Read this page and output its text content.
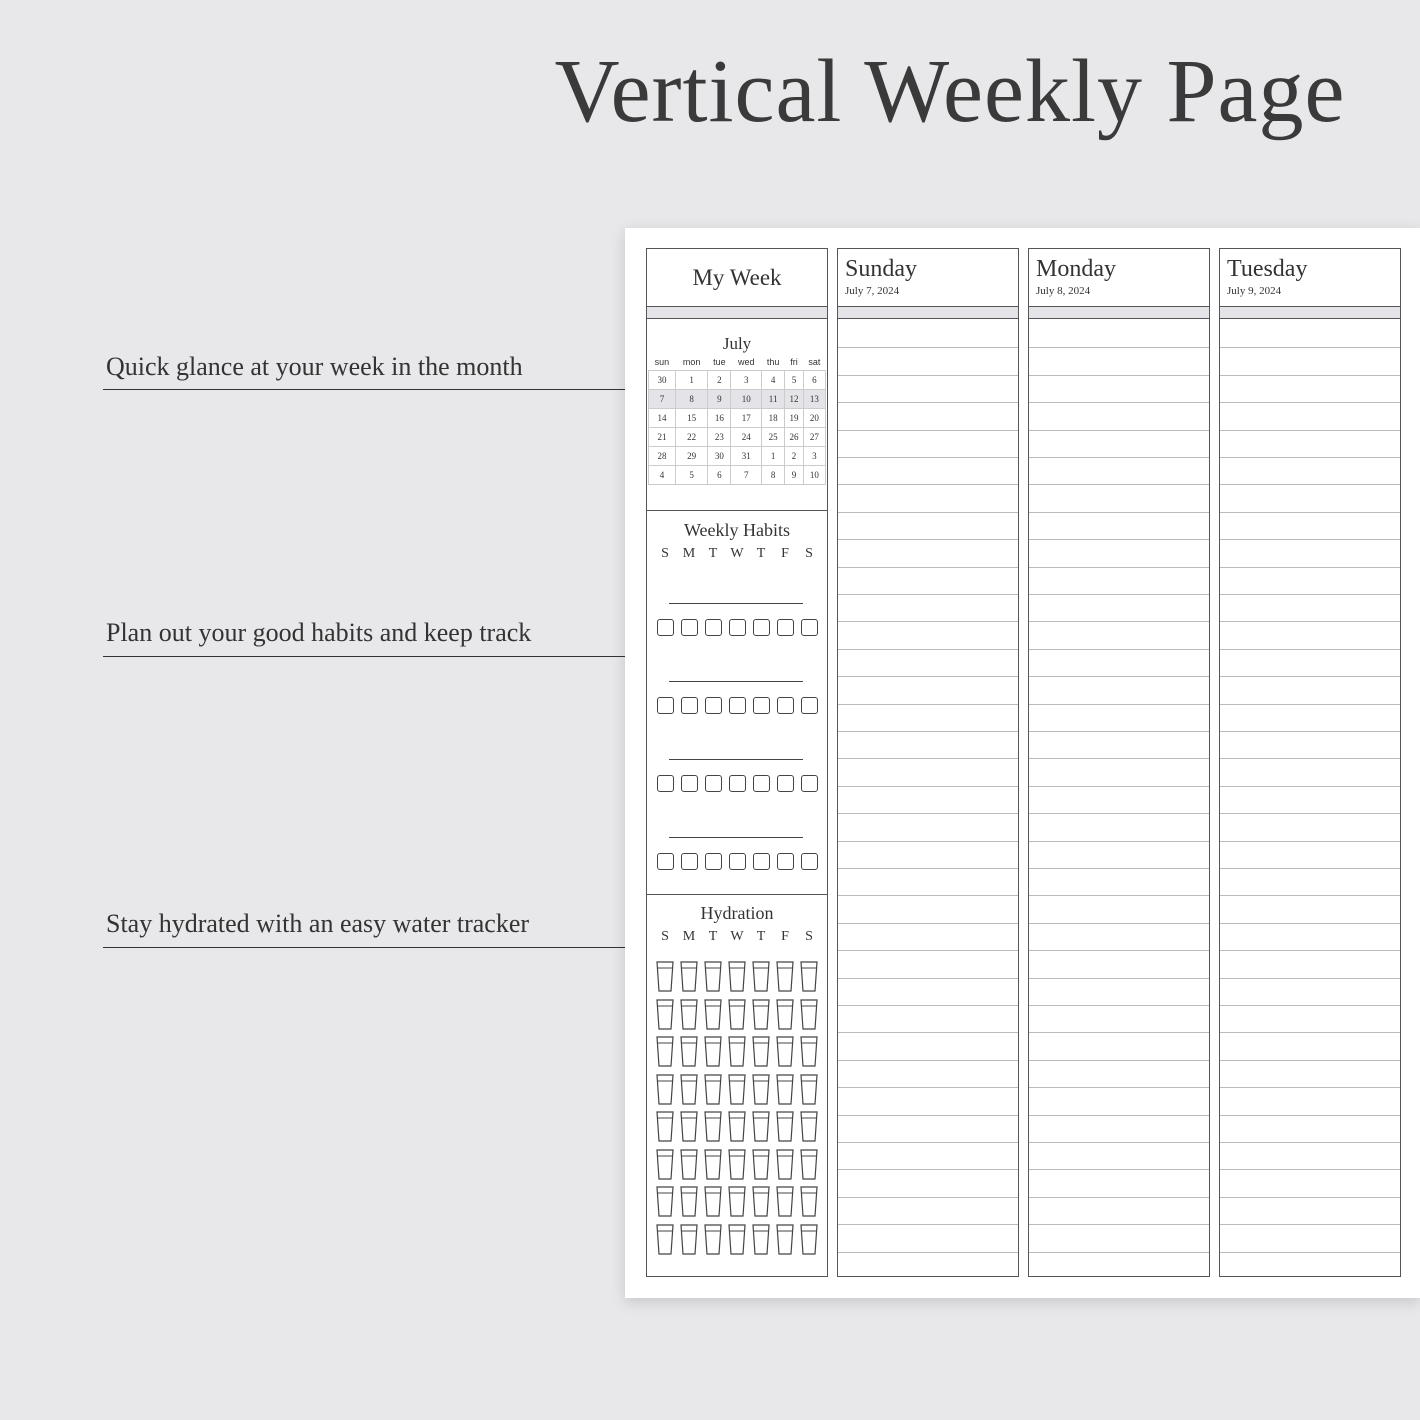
Vertical Weekly Page
Quick glance at your week in the month
Plan out your good habits and keep track
Stay hydrated with an easy water tracker
My Week
July
sun	mon	tue	wed	thu	fri	sat
30	1	2	3	4	5	6
7	8	9	10	11	12	13
14	15	16	17	18	19	20
21	22	23	24	25	26	27
28	29	30	31	1	2	3
4	5	6	7	8	9	10
Weekly Habits
S M T W T	F	S
Hydration
S M T W T	F	S
Sunday
July 7, 2024
Monday
July 8, 2024
Tuesday
July 9, 2024
